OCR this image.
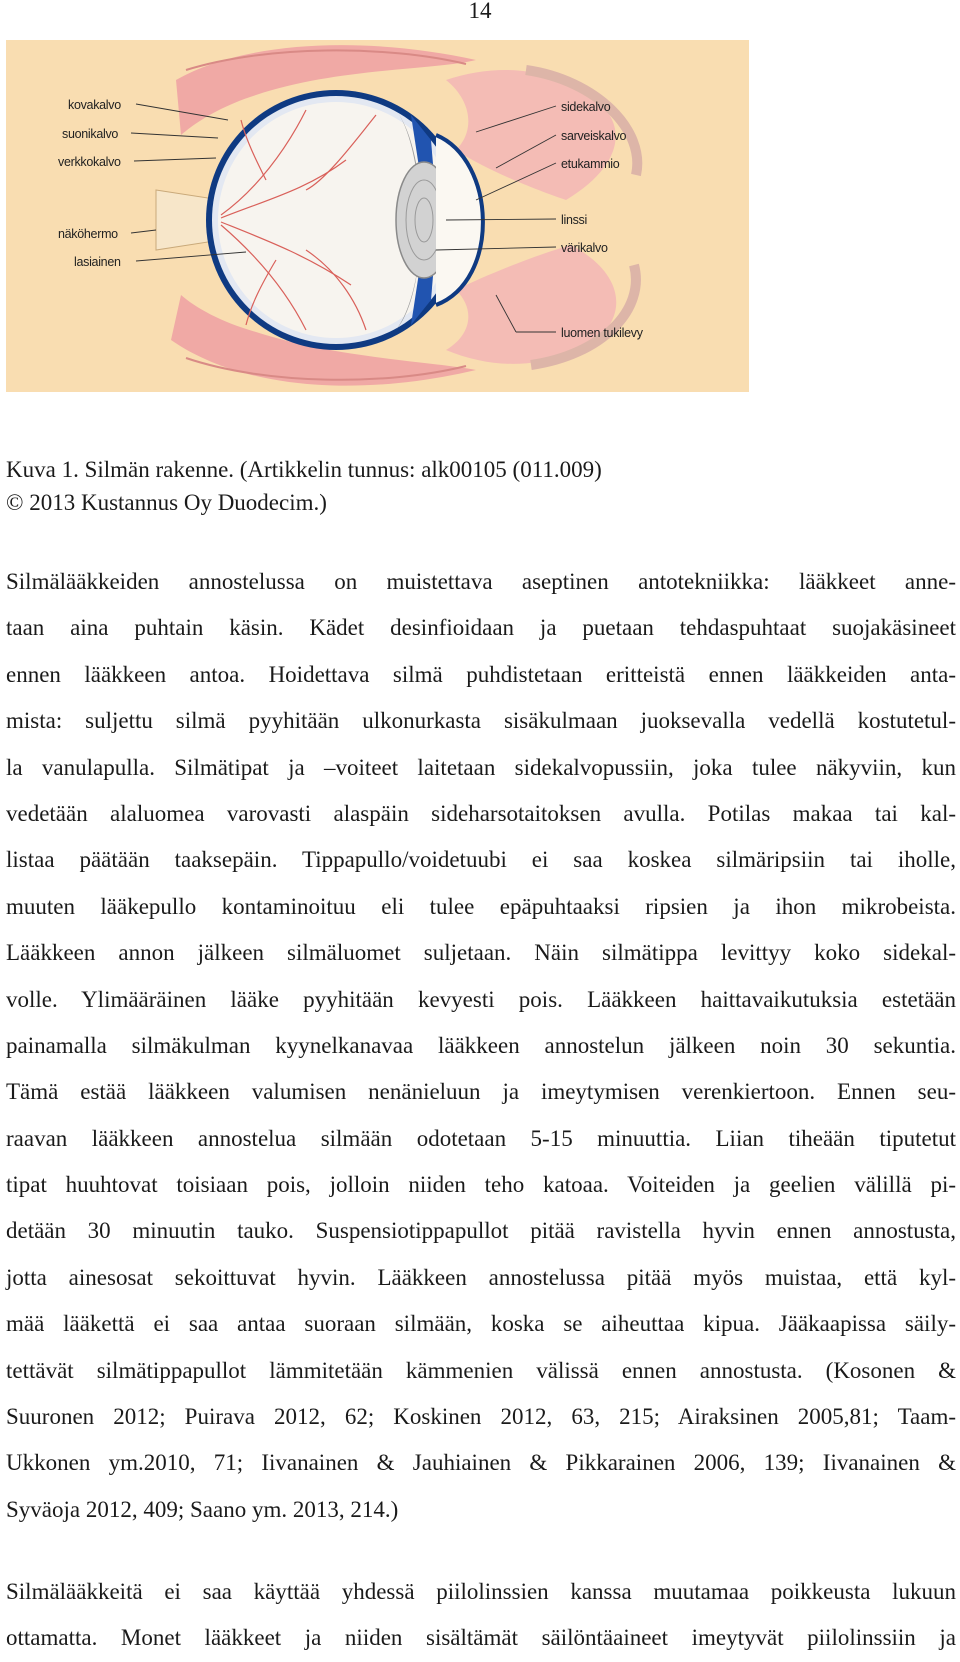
14
kovakalvo
suonikalvo
verkkokalvo
näköhermo
lasiainen
sidekalvo
sarveiskalvo
etukammio
linssi
värikalvo
luomen tukilevy
Kuva 1. Silmän rakenne. (Artikkelin tunnus: alk00105 (011.009)
© 2013 Kustannus Oy Duodecim.)
Silmälääkkeiden annostelussa on muistettava aseptinen antotekniikka: lääkkeet anne-
taan aina puhtain käsin. Kädet desinfioidaan ja puetaan tehdaspuhtaat suojakäsineet
ennen lääkkeen antoa. Hoidettava silmä puhdistetaan eritteistä ennen lääkkeiden anta-
mista: suljettu silmä pyyhitään ulkonurkasta sisäkulmaan juoksevalla vedellä kostutetul-
la vanulapulla. Silmätipat ja –voiteet laitetaan sidekalvopussiin, joka tulee näkyviin, kun
vedetään alaluomea varovasti alaspäin sideharsotaitoksen avulla. Potilas makaa tai kal-
listaa päätään taaksepäin. Tippapullo/voidetuubi ei saa koskea silmäripsiin tai iholle,
muuten lääkepullo kontaminoituu eli tulee epäpuhtaaksi ripsien ja ihon mikrobeista.
Lääkkeen annon jälkeen silmäluomet suljetaan. Näin silmätippa levittyy koko sidekal-
volle. Ylimääräinen lääke pyyhitään kevyesti pois. Lääkkeen haittavaikutuksia estetään
painamalla silmäkulman kyynelkanavaa lääkkeen annostelun jälkeen noin 30 sekuntia.
Tämä estää lääkkeen valumisen nenänieluun ja imeytymisen verenkiertoon. Ennen seu-
raavan lääkkeen annostelua silmään odotetaan 5-15 minuuttia. Liian tiheään tiputetut
tipat huuhtovat toisiaan pois, jolloin niiden teho katoaa. Voiteiden ja geelien välillä pi-
detään 30 minuutin tauko. Suspensiotippapullot pitää ravistella hyvin ennen annostusta,
jotta ainesosat sekoittuvat hyvin. Lääkkeen annostelussa pitää myös muistaa, että kyl-
mää lääkettä ei saa antaa suoraan silmään, koska se aiheuttaa kipua. Jääkaapissa säily-
tettävät silmätippapullot lämmitetään kämmenien välissä ennen annostusta. (Kosonen &
Suuronen 2012; Puirava 2012, 62; Koskinen 2012, 63, 215; Airaksinen 2005,81; Taam-
Ukkonen ym.2010, 71; Iivanainen & Jauhiainen & Pikkarainen 2006, 139; Iivanainen &
Syväoja 2012, 409; Saano ym. 2013, 214.)
Silmälääkkeitä ei saa käyttää yhdessä piilolinssien kanssa muutamaa poikkeusta lukuun
ottamatta. Monet lääkkeet ja niiden sisältämät säilöntäaineet imeytyvät piilolinssiin ja
